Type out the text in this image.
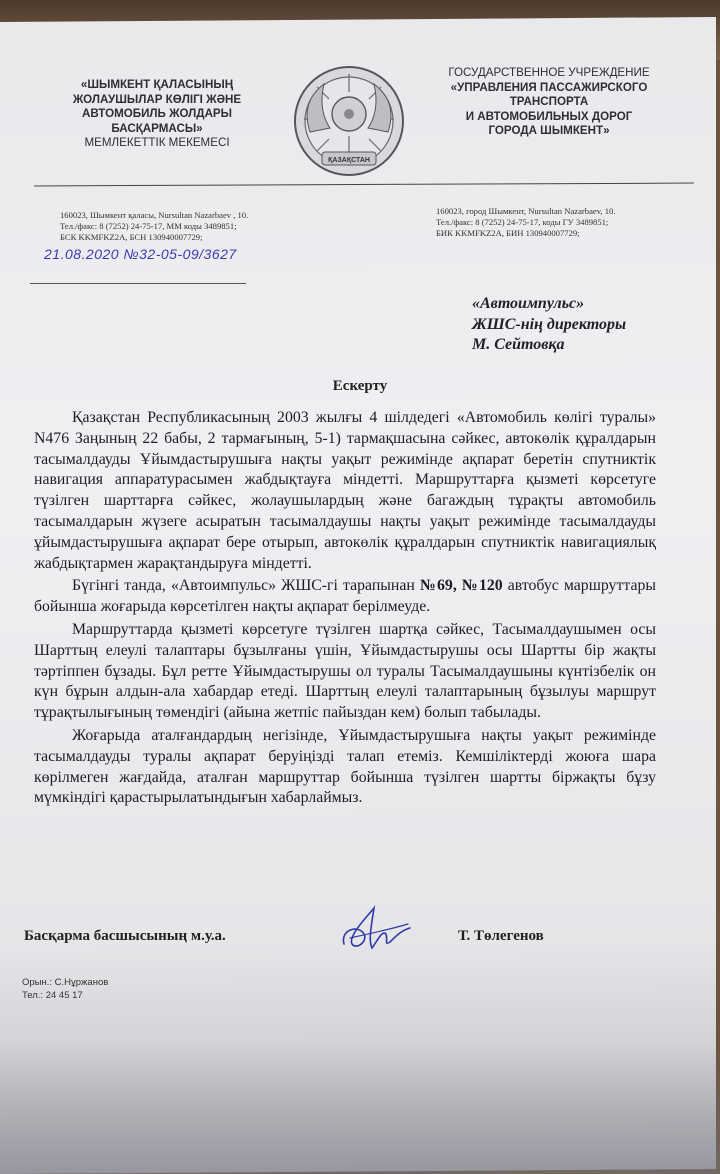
«ШЫМКЕНТ ҚАЛАСЫНЫҢ
ЖОЛАУШЫЛАР КӨЛІГІ ЖӘНЕ
АВТОМОБИЛЬ ЖОЛДАРЫ
БАСҚАРМАСЫ»
МЕМЛЕКЕТТІК МЕКЕМЕСІ
ҚАЗАҚСТАН
ГОСУДАРСТВЕННОЕ УЧРЕЖДЕНИЕ
«УПРАВЛЕНИЯ ПАССАЖИРСКОГО
ТРАНСПОРТА
И АВТОМОБИЛЬНЫХ ДОРОГ
ГОРОДА ШЫМКЕНТ»
160023, Шымкент қаласы, Nursultan Nazarbaev , 10.
Тел./факс: 8 (7252) 24-75-17, ММ коды 3489851;
БСК KKMFKZ2A, БСН 130940007729;
160023, город Шымкент, Nursultan Nazarbaev, 10.
Тел./факс: 8 (7252) 24-75-17, коды ГУ 3489851;
БИК KKMFKZ2A, БИН 130940007729;
21.08.2020 №32-05-09/3627
«Автоимпульс»
ЖШС-нің директоры
М. Сейтовқа
Ескерту

Қазақстан Республикасының 2003 жылғы 4 шілдедегі «Автомобиль көлігі туралы» N476 Заңының 22 бабы, 2 тармағының, 5-1) тармақшасына сәйкес, автокөлік құралдарын тасымалдауды Ұйымдастырушыға нақты уақыт режимінде ақпарат беретін спутниктік навигация аппаратурасымен жабдықтауға міндетті. Маршруттарға қызметі көрсетуге түзілген шарттарға сәйкес, жолаушылардың және багаждың тұрақты автомобиль тасымалдарын жүзеге асыратын тасымалдаушы нақты уақыт режимінде тасымалдауды ұйымдастырушыға ақпарат бере отырып, автокөлік құралдарын спутниктік навигациялық жабдықтармен жарақтандыруға міндетті.

Бүгінгі танда, «Автоимпульс» ЖШС-гі тарапынан №69, №120 автобус маршруттары бойынша жоғарыда көрсетілген нақты ақпарат берілмеуде.

Маршруттарда қызметі көрсетуге түзілген шартқа сәйкес, Тасымалдаушымен осы Шарттың елеулі талаптары бұзылғаны үшін, Ұйымдастырушы осы Шартты бір жақты тәртіппен бұзады. Бұл ретте Ұйымдастырушы ол туралы Тасымалдаушыны күнтізбелік он күн бұрын алдын-ала хабардар етеді. Шарттың елеулі талаптарының бұзылуы маршрут тұрақтылығының төмендігі (айына жетпіс пайыздан кем) болып табылады.

Жоғарыда аталғандардың негізінде, Ұйымдастырушыға нақты уақыт режимінде тасымалдауды туралы ақпарат беруіңізді талап етеміз. Кемшіліктерді жоюға шара көрілмеген жағдайда, аталған маршруттар бойынша түзілген шартты біржақты бұзу мүмкіндігі қарастырылатындығын хабарлаймыз.

Басқарма басшысының м.у.а.	Т. Төлегенов
Орын.: С.Нұржанов
Тел.: 24 45 17
